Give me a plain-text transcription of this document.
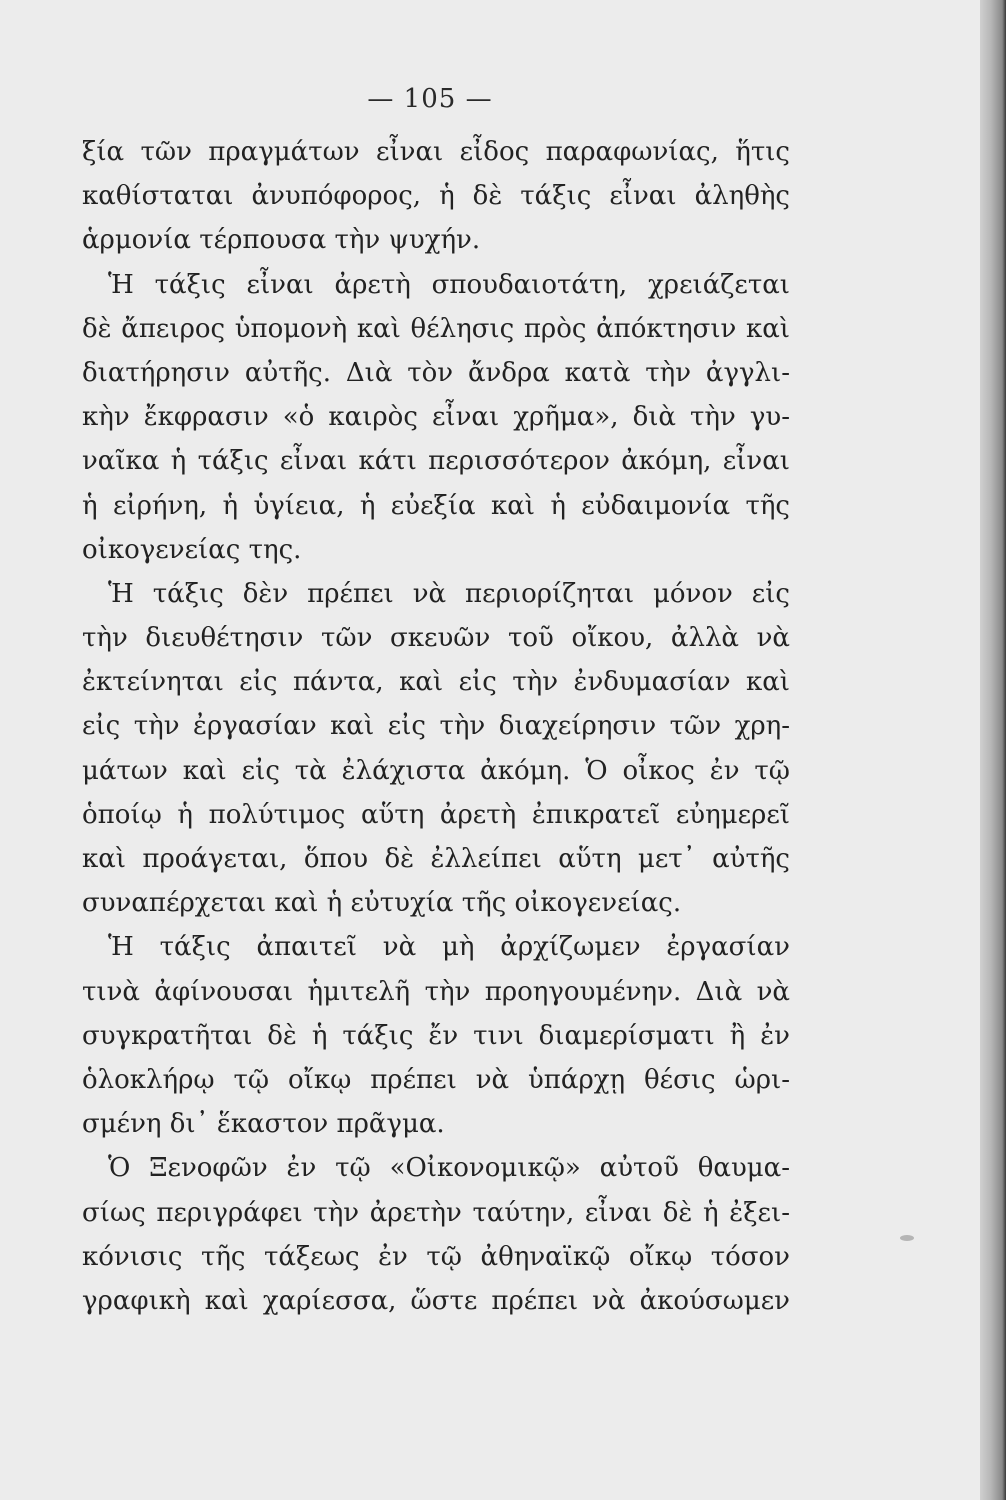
— 105 —
ξία τῶν πραγμάτων εἶναι εἶδος παραφωνίας, ἥτις
καθίσταται ἀνυπόφορος, ἡ δὲ τάξις εἶναι ἀληθὴς
ἁρμονία τέρπουσα τὴν ψυχήν.
Ἡ τάξις εἶναι ἀρετὴ σπουδαιοτάτη, χρειάζεται
δὲ ἄπειρος ὑπομονὴ καὶ θέλησις πρὸς ἀπόκτησιν καὶ
διατήρησιν αὐτῆς. Διὰ τὸν ἄνδρα κατὰ τὴν ἀγγλι-
κὴν ἔκφρασιν «ὁ καιρὸς εἶναι χρῆμα», διὰ τὴν γυ-
ναῖκα ἡ τάξις εἶναι κάτι περισσότερον ἀκόμη, εἶναι
ἡ εἰρήνη, ἡ ὑγίεια, ἡ εὐεξία καὶ ἡ εὐδαιμονία τῆς
οἰκογενείας της.
Ἡ τάξις δὲν πρέπει νὰ περιορίζηται μόνον εἰς
τὴν διευθέτησιν τῶν σκευῶν τοῦ οἴκου, ἀλλὰ νὰ
ἐκτείνηται εἰς πάντα, καὶ εἰς τὴν ἐνδυμασίαν καὶ
εἰς τὴν ἐργασίαν καὶ εἰς τὴν διαχείρησιν τῶν χρη-
μάτων καὶ εἰς τὰ ἐλάχιστα ἀκόμη. Ὁ οἶκος ἐν τῷ
ὁποίῳ ἡ πολύτιμος αὕτη ἀρετὴ ἐπικρατεῖ εὐημερεῖ
καὶ προάγεται, ὅπου δὲ ἐλλείπει αὕτη μετ᾽ αὐτῆς
συναπέρχεται καὶ ἡ εὐτυχία τῆς οἰκογενείας.
Ἡ τάξις ἀπαιτεῖ νὰ μὴ ἀρχίζωμεν ἐργασίαν
τινὰ ἀφίνουσαι ἡμιτελῆ τὴν προηγουμένην. Διὰ νὰ
συγκρατῆται δὲ ἡ τάξις ἔν τινι διαμερίσματι ἢ ἐν
ὁλοκλήρῳ τῷ οἴκῳ πρέπει νὰ ὑπάρχῃ θέσις ὡρι-
σμένη δι᾽ ἕκαστον πρᾶγμα.
Ὁ Ξενοφῶν ἐν τῷ «Οἰκονομικῷ» αὐτοῦ θαυμα-
σίως περιγράφει τὴν ἀρετὴν ταύτην, εἶναι δὲ ἡ ἐξει-
κόνισις τῆς τάξεως ἐν τῷ ἀθηναϊκῷ οἴκῳ τόσον
γραφικὴ καὶ χαρίεσσα, ὥστε πρέπει νὰ ἀκούσωμεν
